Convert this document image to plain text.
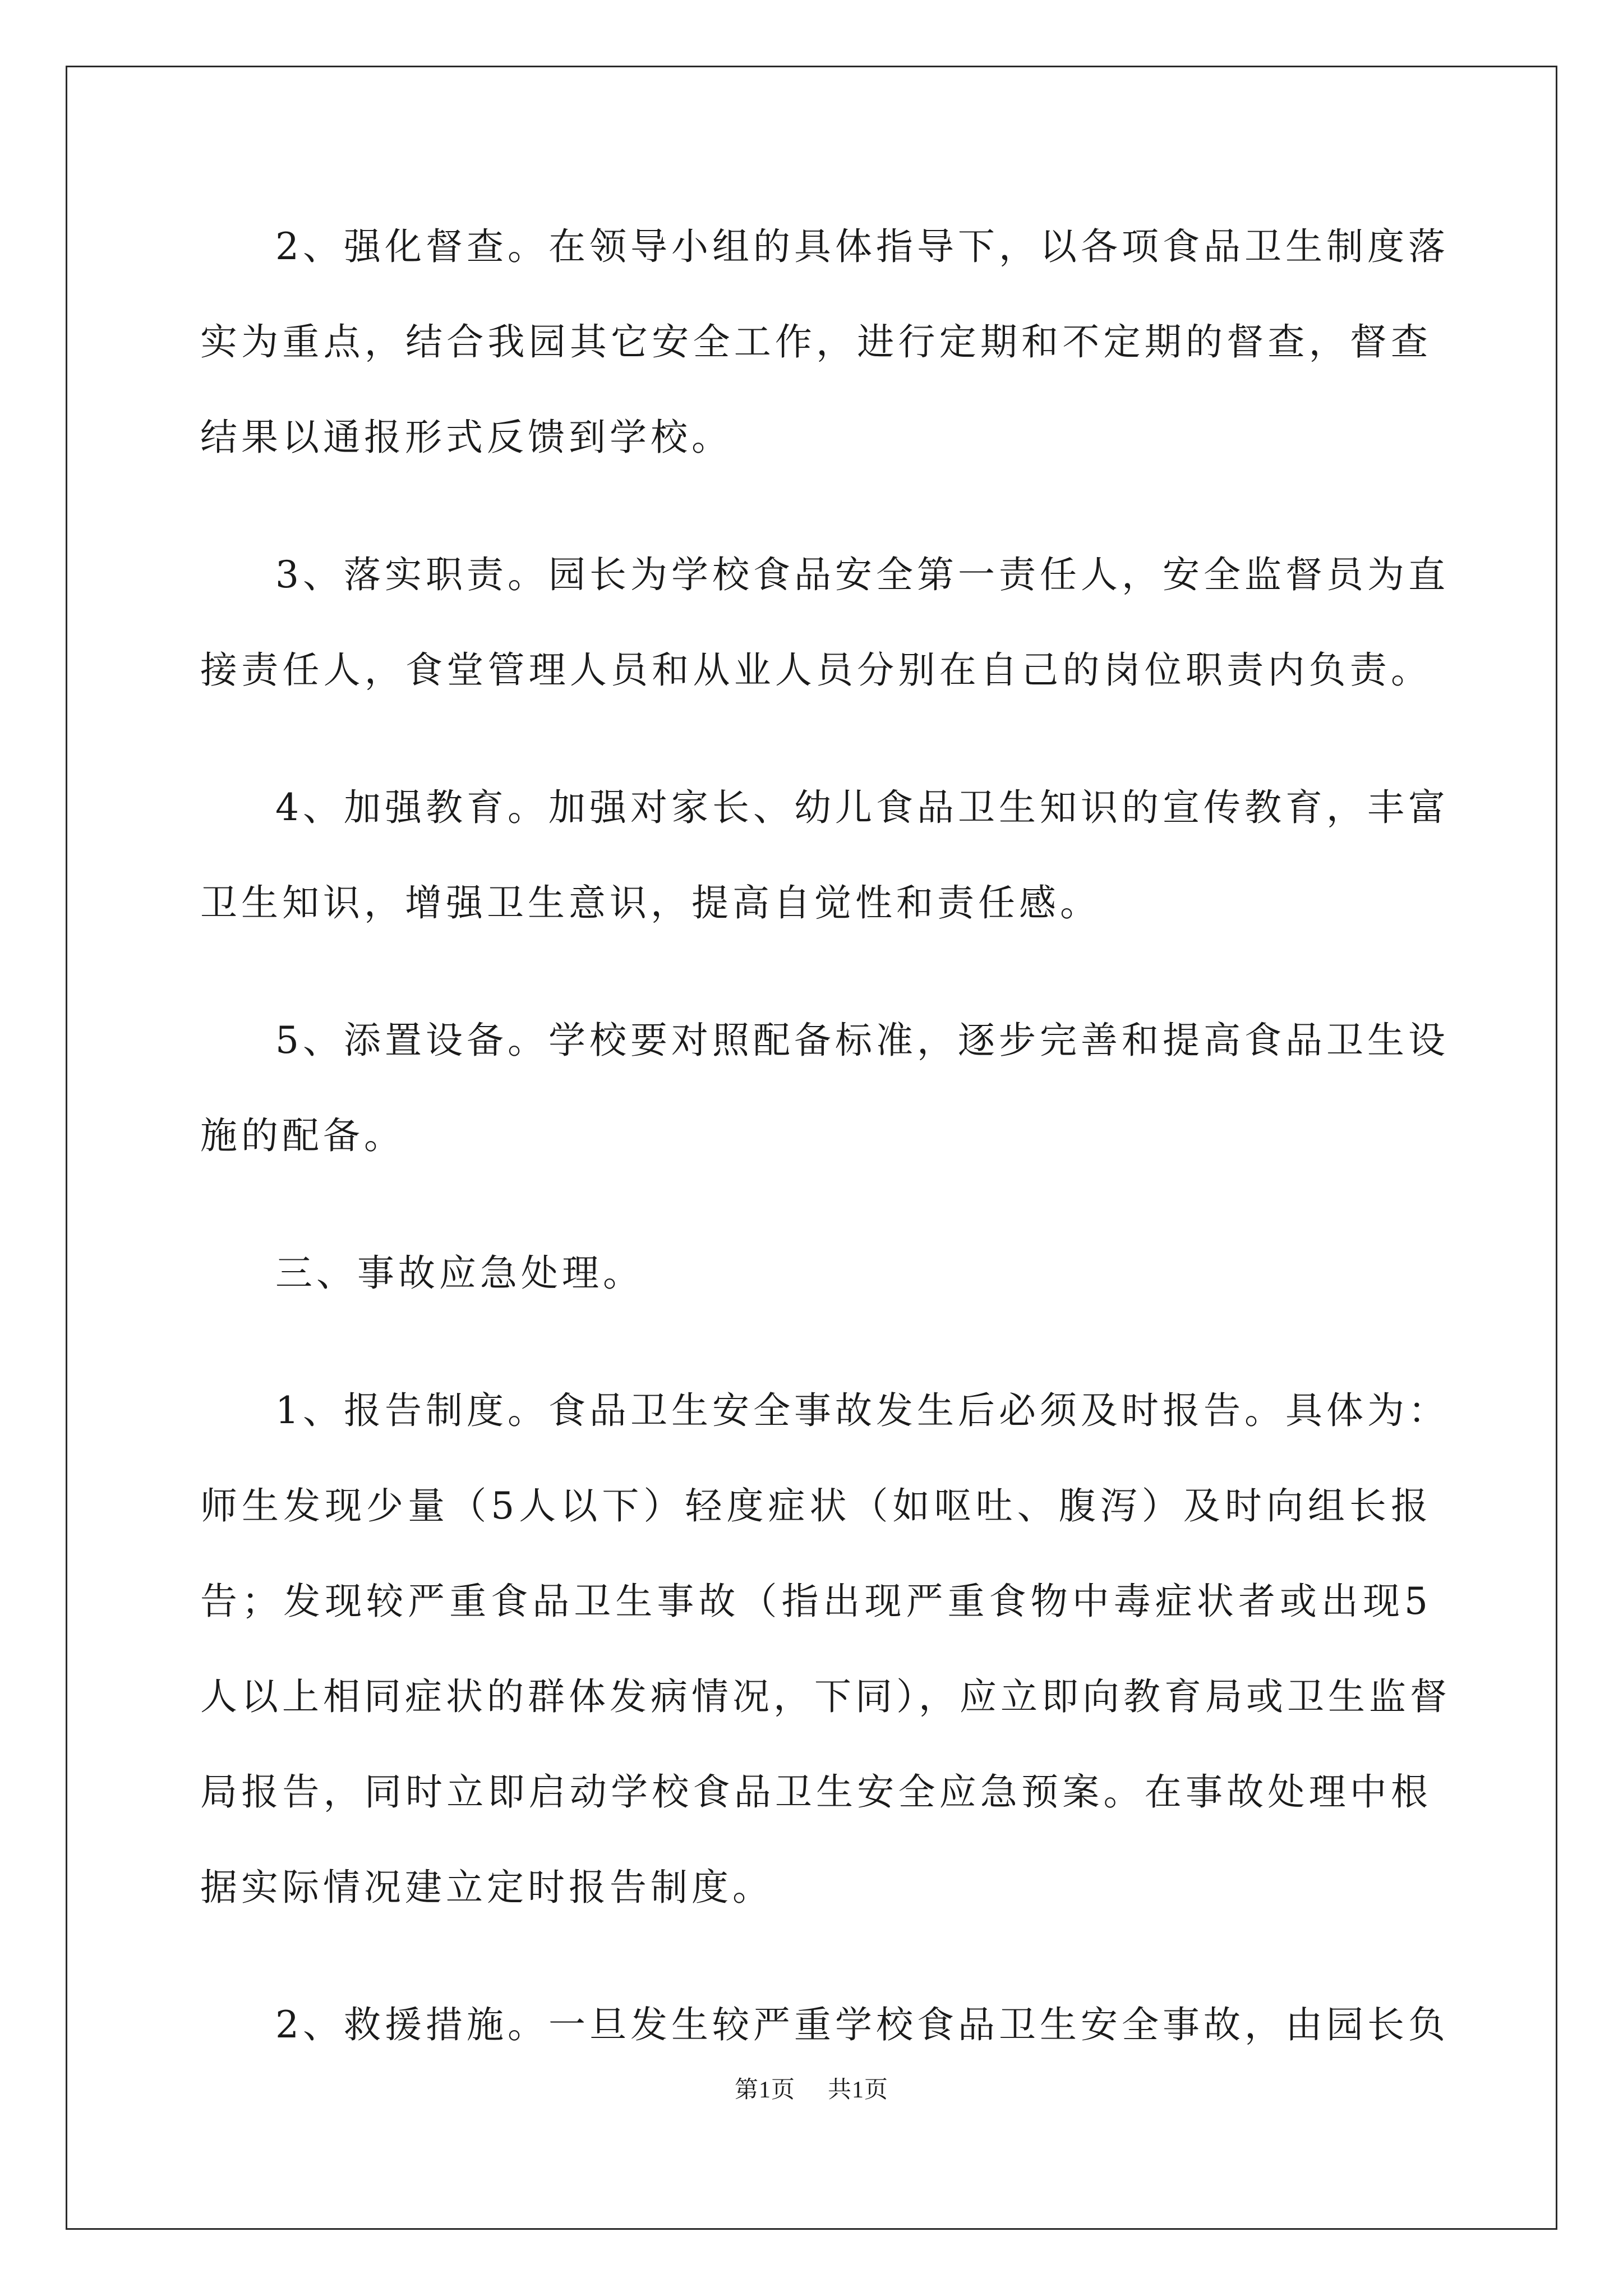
2、强化督查。在领导小组的具体指导下，以各项食品卫生制度落
实为重点，结合我园其它安全工作，进行定期和不定期的督查，督查
结果以通报形式反馈到学校。
3、落实职责。园长为学校食品安全第一责任人，安全监督员为直
接责任人，食堂管理人员和从业人员分别在自己的岗位职责内负责。
4、加强教育。加强对家长、幼儿食品卫生知识的宣传教育，丰富
卫生知识，增强卫生意识，提高自觉性和责任感。
5、添置设备。学校要对照配备标准，逐步完善和提高食品卫生设
施的配备。
三、事故应急处理。
1、报告制度。食品卫生安全事故发生后必须及时报告。具体为：
师生发现少量（5人以下）轻度症状（如呕吐、腹泻）及时向组长报
告；发现较严重食品卫生事故（指出现严重食物中毒症状者或出现5
人以上相同症状的群体发病情况，下同），应立即向教育局或卫生监督
局报告，同时立即启动学校食品卫生安全应急预案。在事故处理中根
据实际情况建立定时报告制度。
2、救援措施。一旦发生较严重学校食品卫生安全事故，由园长负
第1页 共1页
